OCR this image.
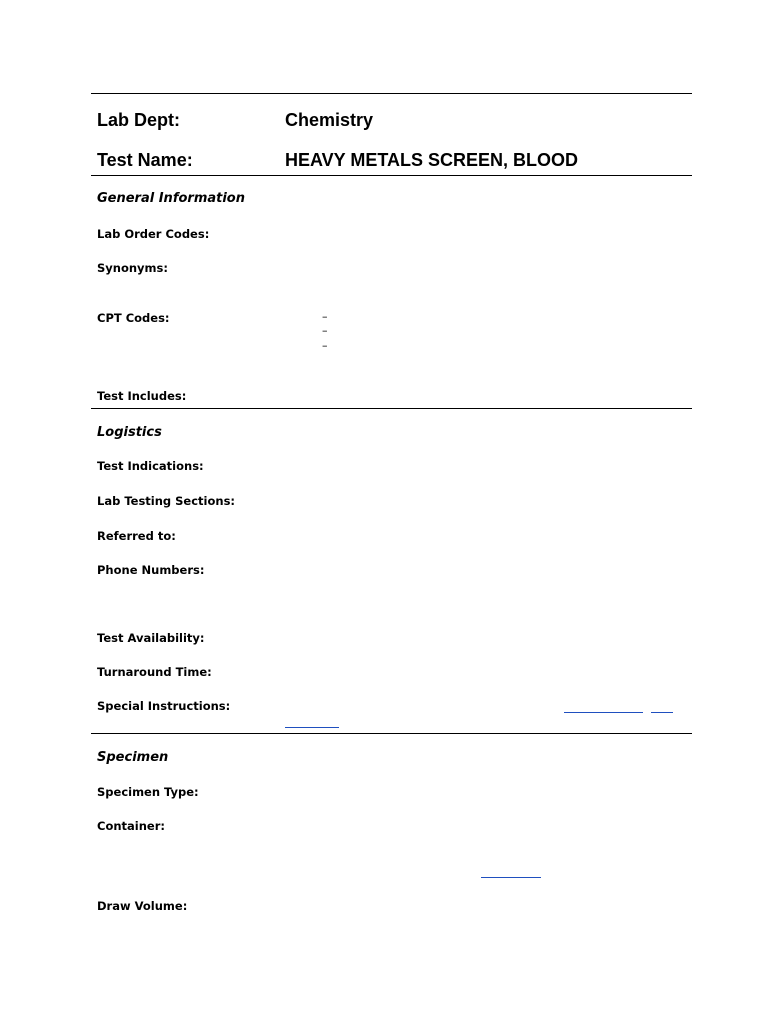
Lab Dept:	Chemistry
Test Name:	HEAVY METALS SCREEN, BLOOD
General Information
Lab Order Codes:
Synonyms:
CPT Codes:	–
–
–
Test Includes:
Logistics
Test Indications:
Lab Testing Sections:
Referred to:
Phone Numbers:
Test Availability:
Turnaround Time:
Special Instructions:
Specimen
Specimen Type:
Container:
Draw Volume:
